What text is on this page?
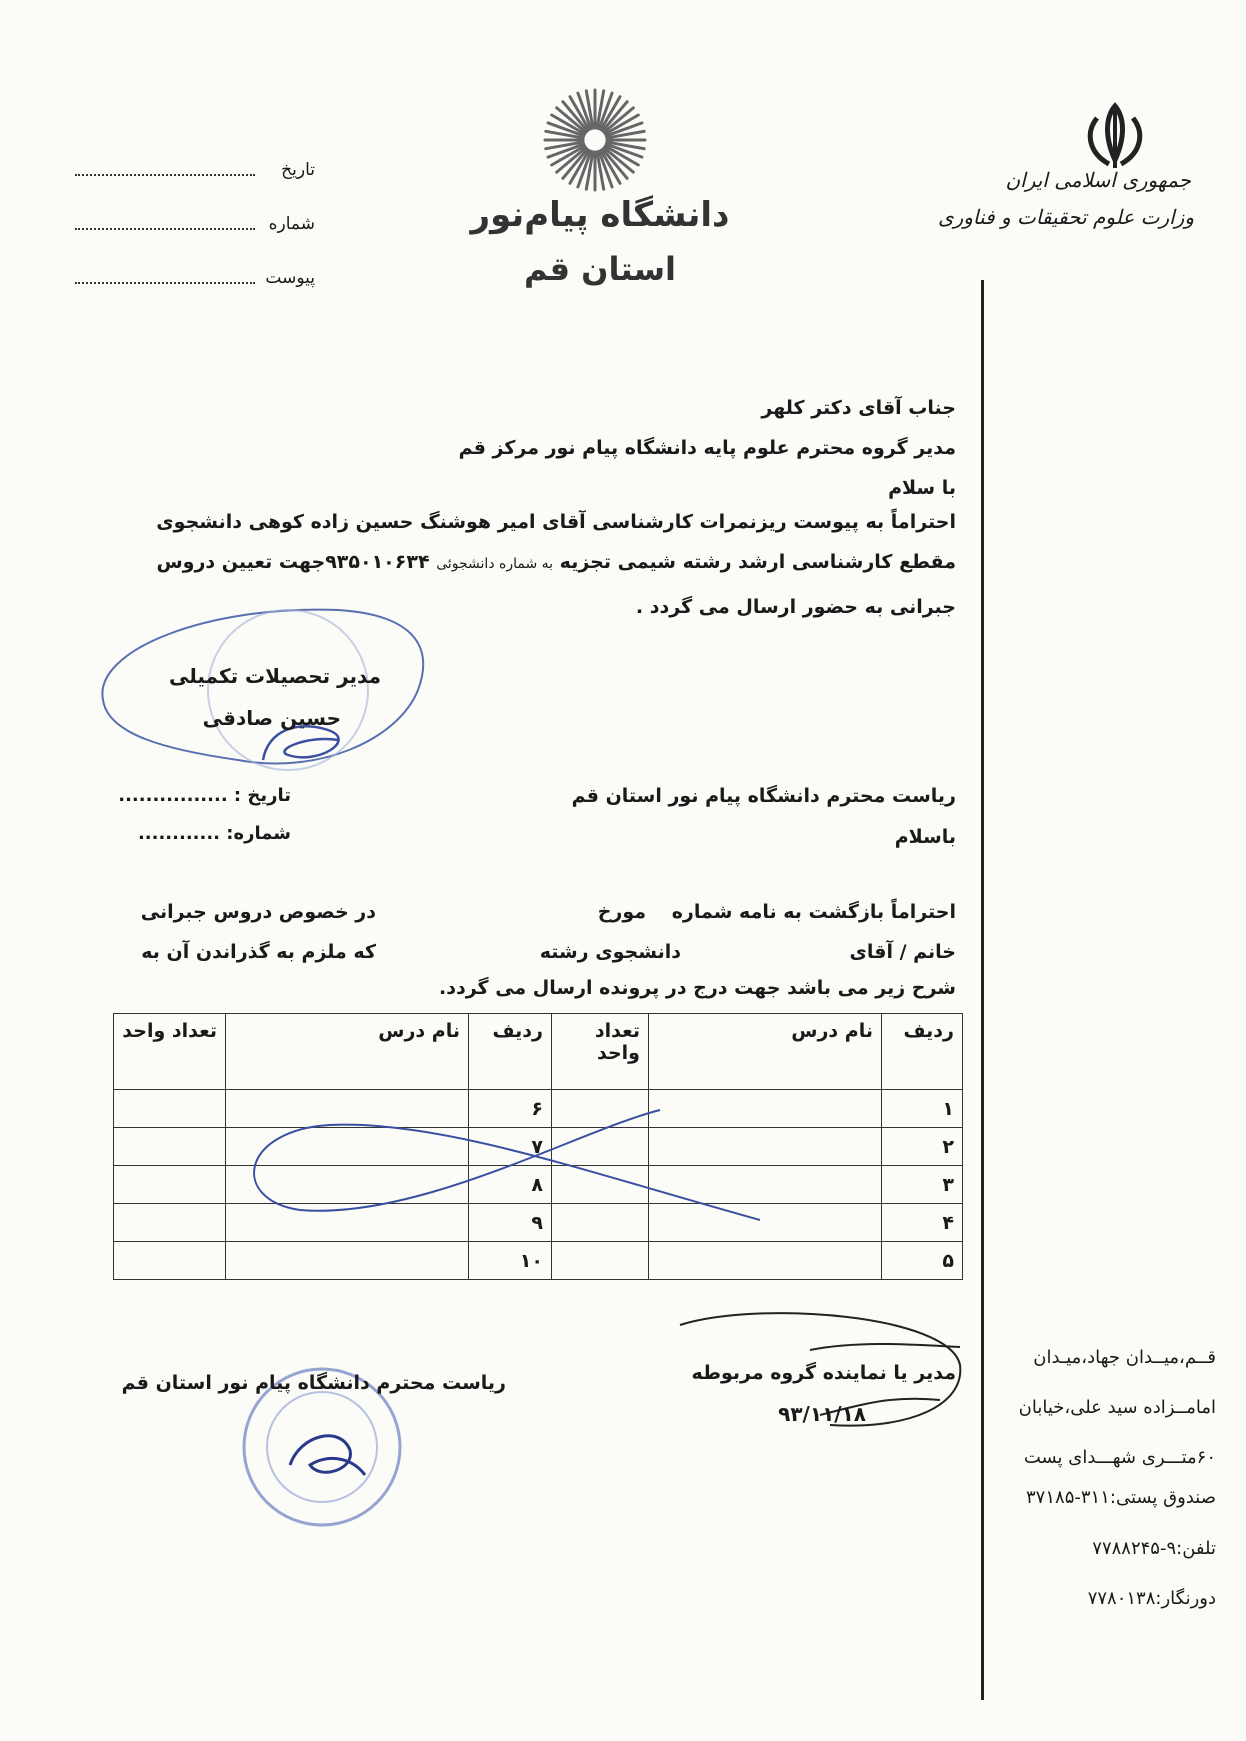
جمهوری اسلامی ایران
وزارت علوم تحقیقات و فناوری
دانشگاه پیام‌نور
استان قم
تاریخ
شماره
پیوست
قــم،میــدان جهاد،میـدان
امامــزاده سید علی،خیابان
۶۰متـــری شهـــدای پست
صندوق پستی:۳۱۱-۳۷۱۸۵
تلفن:۹-۷۷۸۸۲۴۵
دورنگار:۷۷۸۰۱۳۸
جناب آقای دکتر کلهر
مدیر گروه محترم علوم پایه دانشگاه پیام نور مرکز قم
با سلام
احتراماً به پیوست ریزنمرات کارشناسی آقای امیر هوشنگ حسین زاده کوهی دانشجوی
مقطع کارشناسی ارشد رشته شیمی تجزیه به شماره دانشجوئی ۹۳۵۰۱۰۶۳۴جهت تعیین دروس
جبرانی به حضور ارسال می گردد .
مدیر تحصیلات تکمیلی
حسین صادقی
تاریخ : ................
شماره: ............
ریاست محترم دانشگاه پیام نور استان قم
باسلام
احتراماً بازگشت به نامه شماره
مورخ
در خصوص دروس جبرانی
خانم / آقای
دانشجوی رشته
که ملزم به گذراندن آن به
شرح زیر می باشد جهت درج در پرونده ارسال می گردد.
ردیف	نام درس	تعداد واحد	ردیف	نام درس	تعداد واحد
۱			۶		
۲			۷		
۳			۸		
۴			۹		
۵			۱۰		
مدیر یا نماینده گروه مربوطه
۹۳/۱۱/۱۸
ریاست محترم دانشگاه پیام نور استان قم
